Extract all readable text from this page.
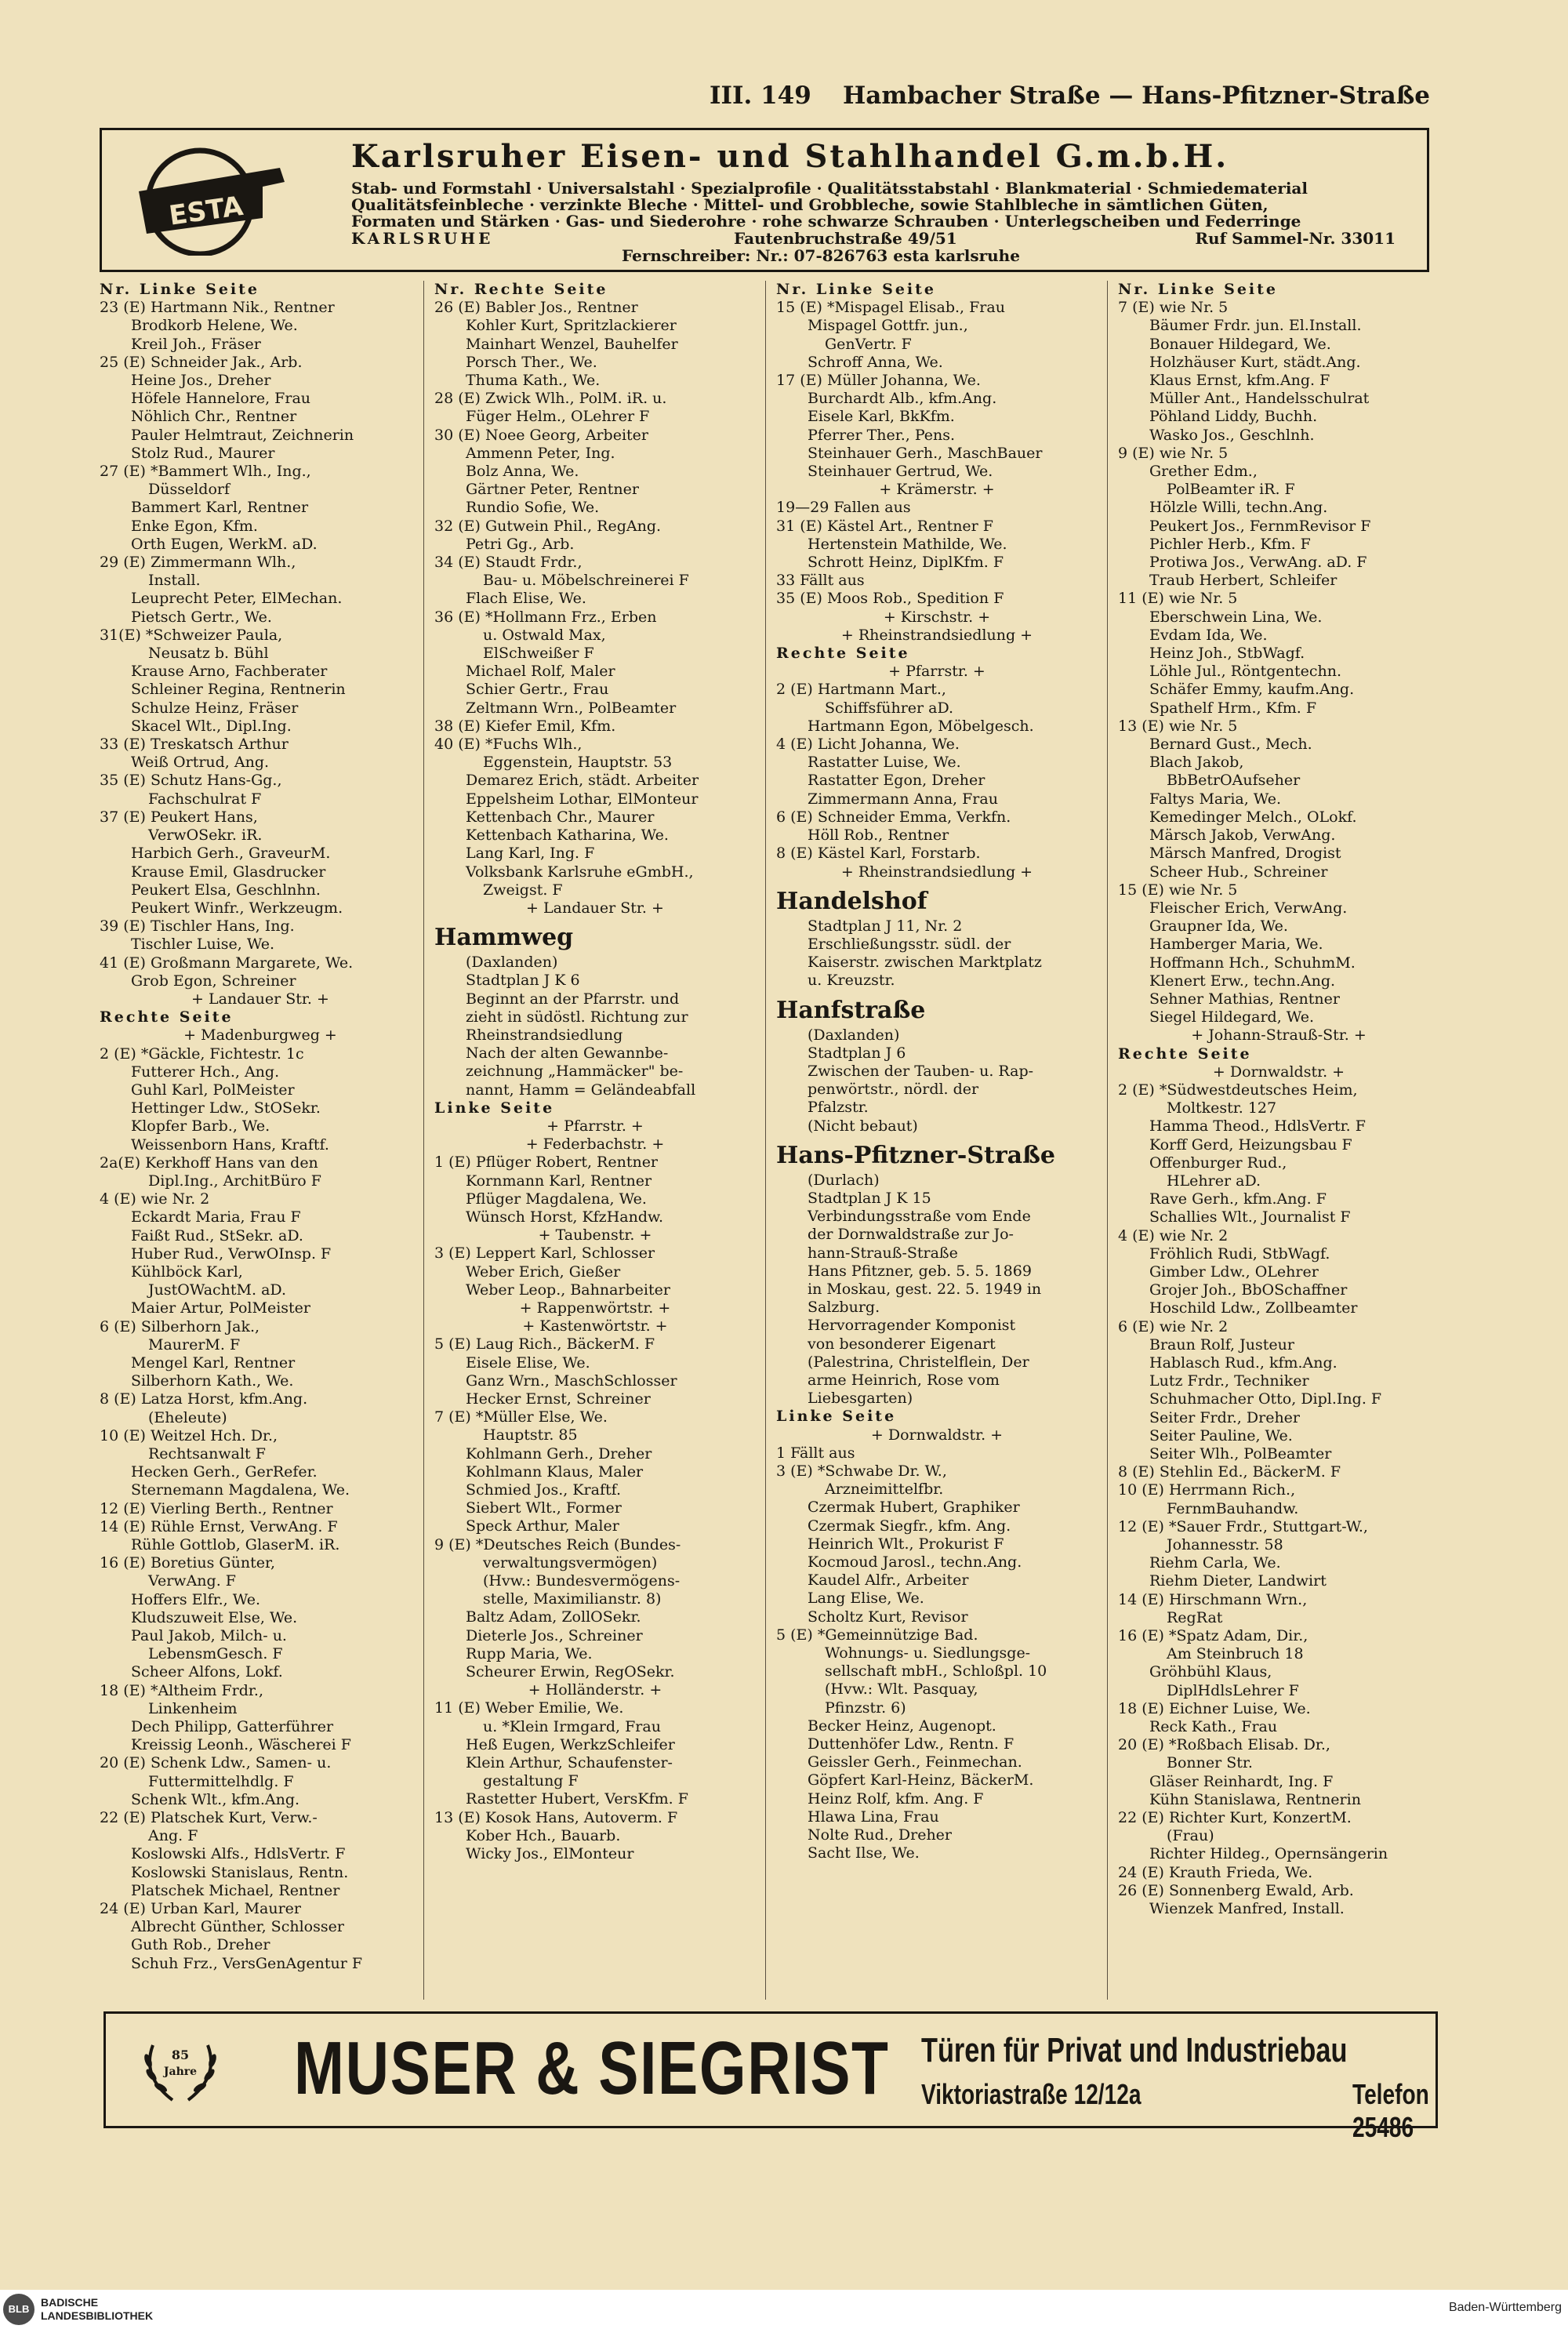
III. 149 Hambacher Straße — Hans-Pfitzner-Straße
ESTA
Karlsruher Eisen- und Stahlhandel G.m.b.H.
Stab- und Formstahl · Universalstahl · Spezialprofile · Qualitätsstabstahl · Blankmaterial · Schmiedematerial
Qualitätsfeinbleche · verzinkte Bleche · Mittel- und Grobbleche, sowie Stahlbleche in sämtlichen Güten,
Formaten und Stärken · Gas- und Siederohre · rohe schwarze Schrauben · Unterlegscheiben und Federringe
KARLSRUHE	Fautenbruchstraße 49/51	Ruf Sammel-Nr. 33011
Fernschreiber: Nr.: 07-826763 esta karlsruhe
Nr. Linke Seite
23 (E) Hartmann Nik., Rentner
Brodkorb Helene, We.
Kreil Joh., Fräser
25 (E) Schneider Jak., Arb.
Heine Jos., Dreher
Höfele Hannelore, Frau
Nöhlich Chr., Rentner
Pauler Helmtraut, Zeichnerin
Stolz Rud., Maurer
27 (E) *Bammert Wlh., Ing.,
Düsseldorf
Bammert Karl, Rentner
Enke Egon, Kfm.
Orth Eugen, WerkM. aD.
29 (E) Zimmermann Wlh.,
Install.
Leuprecht Peter, ElMechan.
Pietsch Gertr., We.
31(E) *Schweizer Paula,
Neusatz b. Bühl
Krause Arno, Fachberater
Schleiner Regina, Rentnerin
Schulze Heinz, Fräser
Skacel Wlt., Dipl.Ing.
33 (E) Treskatsch Arthur
Weiß Ortrud, Ang.
35 (E) Schutz Hans-Gg.,
Fachschulrat F
37 (E) Peukert Hans,
VerwOSekr. iR.
Harbich Gerh., GraveurM.
Krause Emil, Glasdrucker
Peukert Elsa, Geschlnhn.
Peukert Winfr., Werkzeugm.
39 (E) Tischler Hans, Ing.
Tischler Luise, We.
41 (E) Großmann Margarete, We.
Grob Egon, Schreiner
+ Landauer Str. +
Rechte Seite
+ Madenburgweg +
2 (E) *Gäckle, Fichtestr. 1c
Futterer Hch., Ang.
Guhl Karl, PolMeister
Hettinger Ldw., StOSekr.
Klopfer Barb., We.
Weissenborn Hans, Kraftf.
2a(E) Kerkhoff Hans van den
Dipl.Ing., ArchitBüro F
4 (E) wie Nr. 2
Eckardt Maria, Frau F
Faißt Rud., StSekr. aD.
Huber Rud., VerwOInsp. F
Kühlböck Karl,
JustOWachtM. aD.
Maier Artur, PolMeister
6 (E) Silberhorn Jak.,
MaurerM. F
Mengel Karl, Rentner
Silberhorn Kath., We.
8 (E) Latza Horst, kfm.Ang.
(Eheleute)
10 (E) Weitzel Hch. Dr.,
Rechtsanwalt F
Hecken Gerh., GerRefer.
Sternemann Magdalena, We.
12 (E) Vierling Berth., Rentner
14 (E) Rühle Ernst, VerwAng. F
Rühle Gottlob, GlaserM. iR.
16 (E) Boretius Günter,
VerwAng. F
Hoffers Elfr., We.
Kludszuweit Else, We.
Paul Jakob, Milch- u.
LebensmGesch. F
Scheer Alfons, Lokf.
18 (E) *Altheim Frdr.,
Linkenheim
Dech Philipp, Gatterführer
Kreissig Leonh., Wäscherei F
20 (E) Schenk Ldw., Samen- u.
Futtermittelhdlg. F
Schenk Wlt., kfm.Ang.
22 (E) Platschek Kurt, Verw.-
Ang. F
Koslowski Alfs., HdlsVertr. F
Koslowski Stanislaus, Rentn.
Platschek Michael, Rentner
24 (E) Urban Karl, Maurer
Albrecht Günther, Schlosser
Guth Rob., Dreher
Schuh Frz., VersGenAgentur F
Nr. Rechte Seite
26 (E) Babler Jos., Rentner
Kohler Kurt, Spritzlackierer
Mainhart Wenzel, Bauhelfer
Porsch Ther., We.
Thuma Kath., We.
28 (E) Zwick Wlh., PolM. iR. u.
Füger Helm., OLehrer F
30 (E) Noee Georg, Arbeiter
Ammenn Peter, Ing.
Bolz Anna, We.
Gärtner Peter, Rentner
Rundio Sofie, We.
32 (E) Gutwein Phil., RegAng.
Petri Gg., Arb.
34 (E) Staudt Frdr.,
Bau- u. Möbelschreinerei F
Flach Elise, We.
36 (E) *Hollmann Frz., Erben
u. Ostwald Max,
ElSchweißer F
Michael Rolf, Maler
Schier Gertr., Frau
Zeltmann Wrn., PolBeamter
38 (E) Kiefer Emil, Kfm.
40 (E) *Fuchs Wlh.,
Eggenstein, Hauptstr. 53
Demarez Erich, städt. Arbeiter
Eppelsheim Lothar, ElMonteur
Kettenbach Chr., Maurer
Kettenbach Katharina, We.
Lang Karl, Ing. F
Volksbank Karlsruhe eGmbH.,
Zweigst. F
+ Landauer Str. +
Hammweg
(Daxlanden)
Stadtplan J K 6
Beginnt an der Pfarrstr. und
zieht in südöstl. Richtung zur
Rheinstrandsiedlung
Nach der alten Gewannbe-
zeichnung „Hammäcker" be-
nannt, Hamm = Geländeabfall
Linke Seite
+ Pfarrstr. +
+ Federbachstr. +
1 (E) Pflüger Robert, Rentner
Kornmann Karl, Rentner
Pflüger Magdalena, We.
Wünsch Horst, KfzHandw.
+ Taubenstr. +
3 (E) Leppert Karl, Schlosser
Weber Erich, Gießer
Weber Leop., Bahnarbeiter
+ Rappenwörtstr. +
+ Kastenwörtstr. +
5 (E) Laug Rich., BäckerM. F
Eisele Elise, We.
Ganz Wrn., MaschSchlosser
Hecker Ernst, Schreiner
7 (E) *Müller Else, We.
Hauptstr. 85
Kohlmann Gerh., Dreher
Kohlmann Klaus, Maler
Schmied Jos., Kraftf.
Siebert Wlt., Former
Speck Arthur, Maler
9 (E) *Deutsches Reich (Bundes-
verwaltungsvermögen)
(Hvw.: Bundesvermögens-
stelle, Maximilianstr. 8)
Baltz Adam, ZollOSekr.
Dieterle Jos., Schreiner
Rupp Maria, We.
Scheurer Erwin, RegOSekr.
+ Holländerstr. +
11 (E) Weber Emilie, We.
u. *Klein Irmgard, Frau
Heß Eugen, WerkzSchleifer
Klein Arthur, Schaufenster-
gestaltung F
Rastetter Hubert, VersKfm. F
13 (E) Kosok Hans, Autoverm. F
Kober Hch., Bauarb.
Wicky Jos., ElMonteur
Nr. Linke Seite
15 (E) *Mispagel Elisab., Frau
Mispagel Gottfr. jun.,
GenVertr. F
Schroff Anna, We.
17 (E) Müller Johanna, We.
Burchardt Alb., kfm.Ang.
Eisele Karl, BkKfm.
Pferrer Ther., Pens.
Steinhauer Gerh., MaschBauer
Steinhauer Gertrud, We.
+ Krämerstr. +
19—29 Fallen aus
31 (E) Kästel Art., Rentner F
Hertenstein Mathilde, We.
Schrott Heinz, DiplKfm. F
33 Fällt aus
35 (E) Moos Rob., Spedition F
+ Kirschstr. +
+ Rheinstrandsiedlung +
Rechte Seite
+ Pfarrstr. +
2 (E) Hartmann Mart.,
Schiffsführer aD.
Hartmann Egon, Möbelgesch.
4 (E) Licht Johanna, We.
Rastatter Luise, We.
Rastatter Egon, Dreher
Zimmermann Anna, Frau
6 (E) Schneider Emma, Verkfn.
Höll Rob., Rentner
8 (E) Kästel Karl, Forstarb.
+ Rheinstrandsiedlung +
Handelshof
Stadtplan J 11, Nr. 2
Erschließungsstr. südl. der
Kaiserstr. zwischen Marktplatz
u. Kreuzstr.
Hanfstraße
(Daxlanden)
Stadtplan J 6
Zwischen der Tauben- u. Rap-
penwörtstr., nördl. der
Pfalzstr.
(Nicht bebaut)
Hans-Pfitzner-Straße
(Durlach)
Stadtplan J K 15
Verbindungsstraße vom Ende
der Dornwaldstraße zur Jo-
hann-Strauß-Straße
Hans Pfitzner, geb. 5. 5. 1869
in Moskau, gest. 22. 5. 1949 in
Salzburg.
Hervorragender Komponist
von besonderer Eigenart
(Palestrina, Christelflein, Der
arme Heinrich, Rose vom
Liebesgarten)
Linke Seite
+ Dornwaldstr. +
1 Fällt aus
3 (E) *Schwabe Dr. W.,
Arzneimittelfbr.
Czermak Hubert, Graphiker
Czermak Siegfr., kfm. Ang.
Heinrich Wlt., Prokurist F
Kocmoud Jarosl., techn.Ang.
Kaudel Alfr., Arbeiter
Lang Elise, We.
Scholtz Kurt, Revisor
5 (E) *Gemeinnützige Bad.
Wohnungs- u. Siedlungsge-
sellschaft mbH., Schloßpl. 10
(Hvw.: Wlt. Pasquay,
Pfinzstr. 6)
Becker Heinz, Augenopt.
Duttenhöfer Ldw., Rentn. F
Geissler Gerh., Feinmechan.
Göpfert Karl-Heinz, BäckerM.
Heinz Rolf, kfm. Ang. F
Hlawa Lina, Frau
Nolte Rud., Dreher
Sacht Ilse, We.
Nr. Linke Seite
7 (E) wie Nr. 5
Bäumer Frdr. jun. El.Install.
Bonauer Hildegard, We.
Holzhäuser Kurt, städt.Ang.
Klaus Ernst, kfm.Ang. F
Müller Ant., Handelsschulrat
Pöhland Liddy, Buchh.
Wasko Jos., Geschlnh.
9 (E) wie Nr. 5
Grether Edm.,
PolBeamter iR. F
Hölzle Willi, techn.Ang.
Peukert Jos., FernmRevisor F
Pichler Herb., Kfm. F
Protiwa Jos., VerwAng. aD. F
Traub Herbert, Schleifer
11 (E) wie Nr. 5
Eberschwein Lina, We.
Evdam Ida, We.
Heinz Joh., StbWagf.
Löhle Jul., Röntgentechn.
Schäfer Emmy, kaufm.Ang.
Spathelf Hrm., Kfm. F
13 (E) wie Nr. 5
Bernard Gust., Mech.
Blach Jakob,
BbBetrOAufseher
Faltys Maria, We.
Kemedinger Melch., OLokf.
Märsch Jakob, VerwAng.
Märsch Manfred, Drogist
Scheer Hub., Schreiner
15 (E) wie Nr. 5
Fleischer Erich, VerwAng.
Graupner Ida, We.
Hamberger Maria, We.
Hoffmann Hch., SchuhmM.
Klenert Erw., techn.Ang.
Sehner Mathias, Rentner
Siegel Hildegard, We.
+ Johann-Strauß-Str. +
Rechte Seite
+ Dornwaldstr. +
2 (E) *Südwestdeutsches Heim,
Moltkestr. 127
Hamma Theod., HdlsVertr. F
Korff Gerd, Heizungsbau F
Offenburger Rud.,
HLehrer aD.
Rave Gerh., kfm.Ang. F
Schallies Wlt., Journalist F
4 (E) wie Nr. 2
Fröhlich Rudi, StbWagf.
Gimber Ldw., OLehrer
Grojer Joh., BbOSchaffner
Hoschild Ldw., Zollbeamter
6 (E) wie Nr. 2
Braun Rolf, Justeur
Hablasch Rud., kfm.Ang.
Lutz Frdr., Techniker
Schuhmacher Otto, Dipl.Ing. F
Seiter Frdr., Dreher
Seiter Pauline, We.
Seiter Wlh., PolBeamter
8 (E) Stehlin Ed., BäckerM. F
10 (E) Herrmann Rich.,
FernmBauhandw.
12 (E) *Sauer Frdr., Stuttgart-W.,
Johannesstr. 58
Riehm Carla, We.
Riehm Dieter, Landwirt
14 (E) Hirschmann Wrn.,
RegRat
16 (E) *Spatz Adam, Dir.,
Am Steinbruch 18
Gröhbühl Klaus,
DiplHdlsLehrer F
18 (E) Eichner Luise, We.
Reck Kath., Frau
20 (E) *Roßbach Elisab. Dr.,
Bonner Str.
Gläser Reinhardt, Ing. F
Kühn Stanislawa, Rentnerin
22 (E) Richter Kurt, KonzertM.
(Frau)
Richter Hildeg., Opernsängerin
24 (E) Krauth Frieda, We.
26 (E) Sonnenberg Ewald, Arb.
Wienzek Manfred, Install.
85
Jahre MUSER & SIEGRIST Türen für Privat und Industriebau
Viktoriastraße 12/12a	Telefon 25486
BLB
BADISCHE
LANDESBIBLIOTHEK
Baden-Württemberg
